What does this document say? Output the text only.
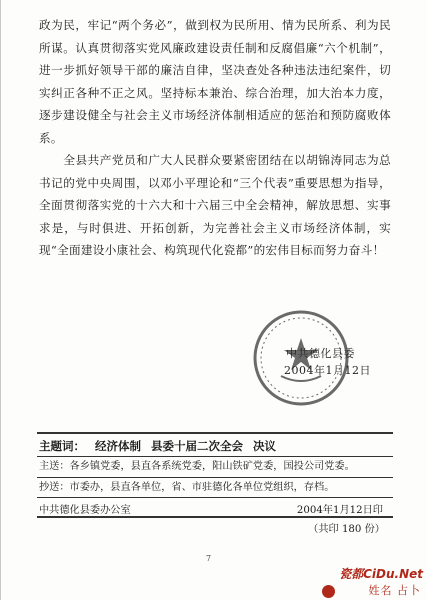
政为民，牢记“两个务必”，做到权为民所用、情为民所系、利为民所谋。认真贯彻落实党风廉政建设责任制和反腐倡廉“六个机制”，进一步抓好领导干部的廉洁自律，坚决查处各种违法违纪案件，切实纠正各种不正之风。坚持标本兼治、综合治理，加大治本力度，逐步建设健全与社会主义市场经济体制相适应的惩治和预防腐败体系。

全县共产党员和广大人民群众要紧密团结在以胡锦涛同志为总书记的党中央周围，以邓小平理论和“三个代表”重要思想为指导，全面贯彻落实党的十六大和十六届三中全会精神，解放思想、实事求是，与时俱进、开拓创新，为完善社会主义市场经济体制，实现“全面建设小康社会、构筑现代化瓷都”的宏伟目标而努力奋斗！

中共德化县委
2004年1月12日
主题词： 经济体制 县委十届二次全会 决议
主送：各乡镇党委，县直各系统党委，阳山铁矿党委，国投公司党委。
抄送：市委办，县直各单位，省、市驻德化各单位党组织，存档。
中共德化县委办公室	2004年1月12日印
（共印 180 份）
7
瓷都CiDu.Net
姓名 占卜
